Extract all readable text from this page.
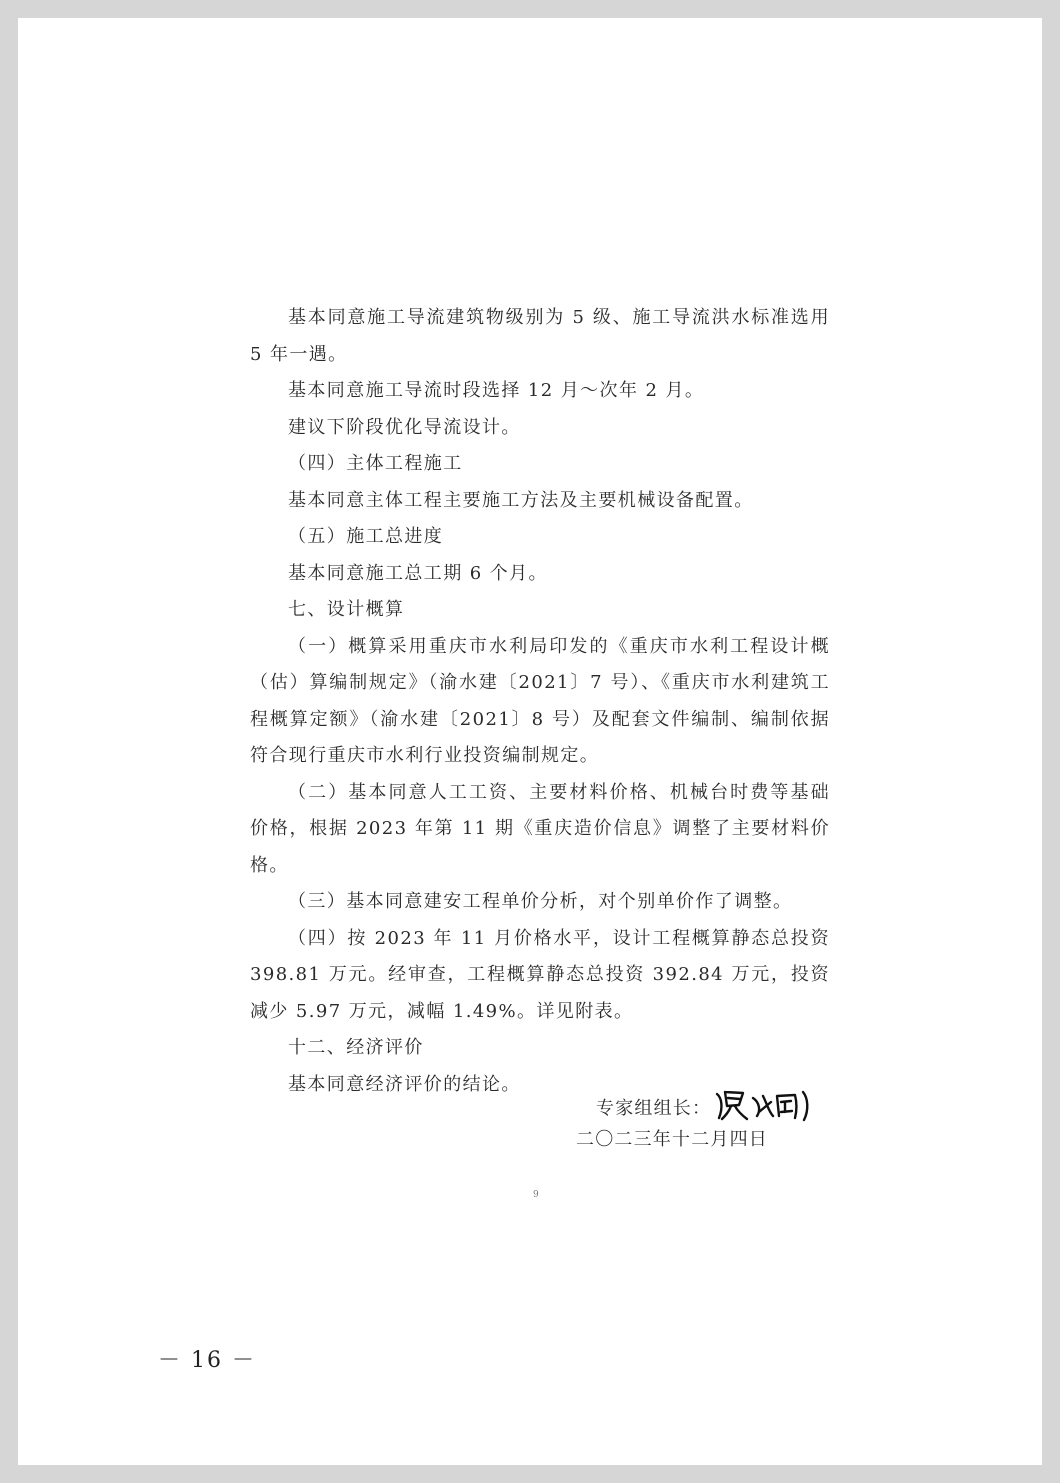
基本同意施工导流建筑物级别为 5 级、施工导流洪水标准选用 5 年一遇。

基本同意施工导流时段选择 12 月～次年 2 月。

建议下阶段优化导流设计。

（四）主体工程施工

基本同意主体工程主要施工方法及主要机械设备配置。

（五）施工总进度

基本同意施工总工期 6 个月。

七、设计概算

（一）概算采用重庆市水利局印发的《重庆市水利工程设计概（估）算编制规定》（渝水建〔2021〕7 号）、《重庆市水利建筑工程概算定额》（渝水建〔2021〕8 号）及配套文件编制、编制依据符合现行重庆市水利行业投资编制规定。

（二）基本同意人工工资、主要材料价格、机械台时费等基础价格，根据 2023 年第 11 期《重庆造价信息》调整了主要材料价格。

（三）基本同意建安工程单价分析，对个别单价作了调整。

（四）按 2023 年 11 月价格水平，设计工程概算静态总投资 398.81 万元。经审查，工程概算静态总投资 392.84 万元，投资减少 5.97 万元，减幅 1.49%。详见附表。

十二、经济评价

基本同意经济评价的结论。

专家组组长：
二〇二三年十二月四日
9
－ 16 －
